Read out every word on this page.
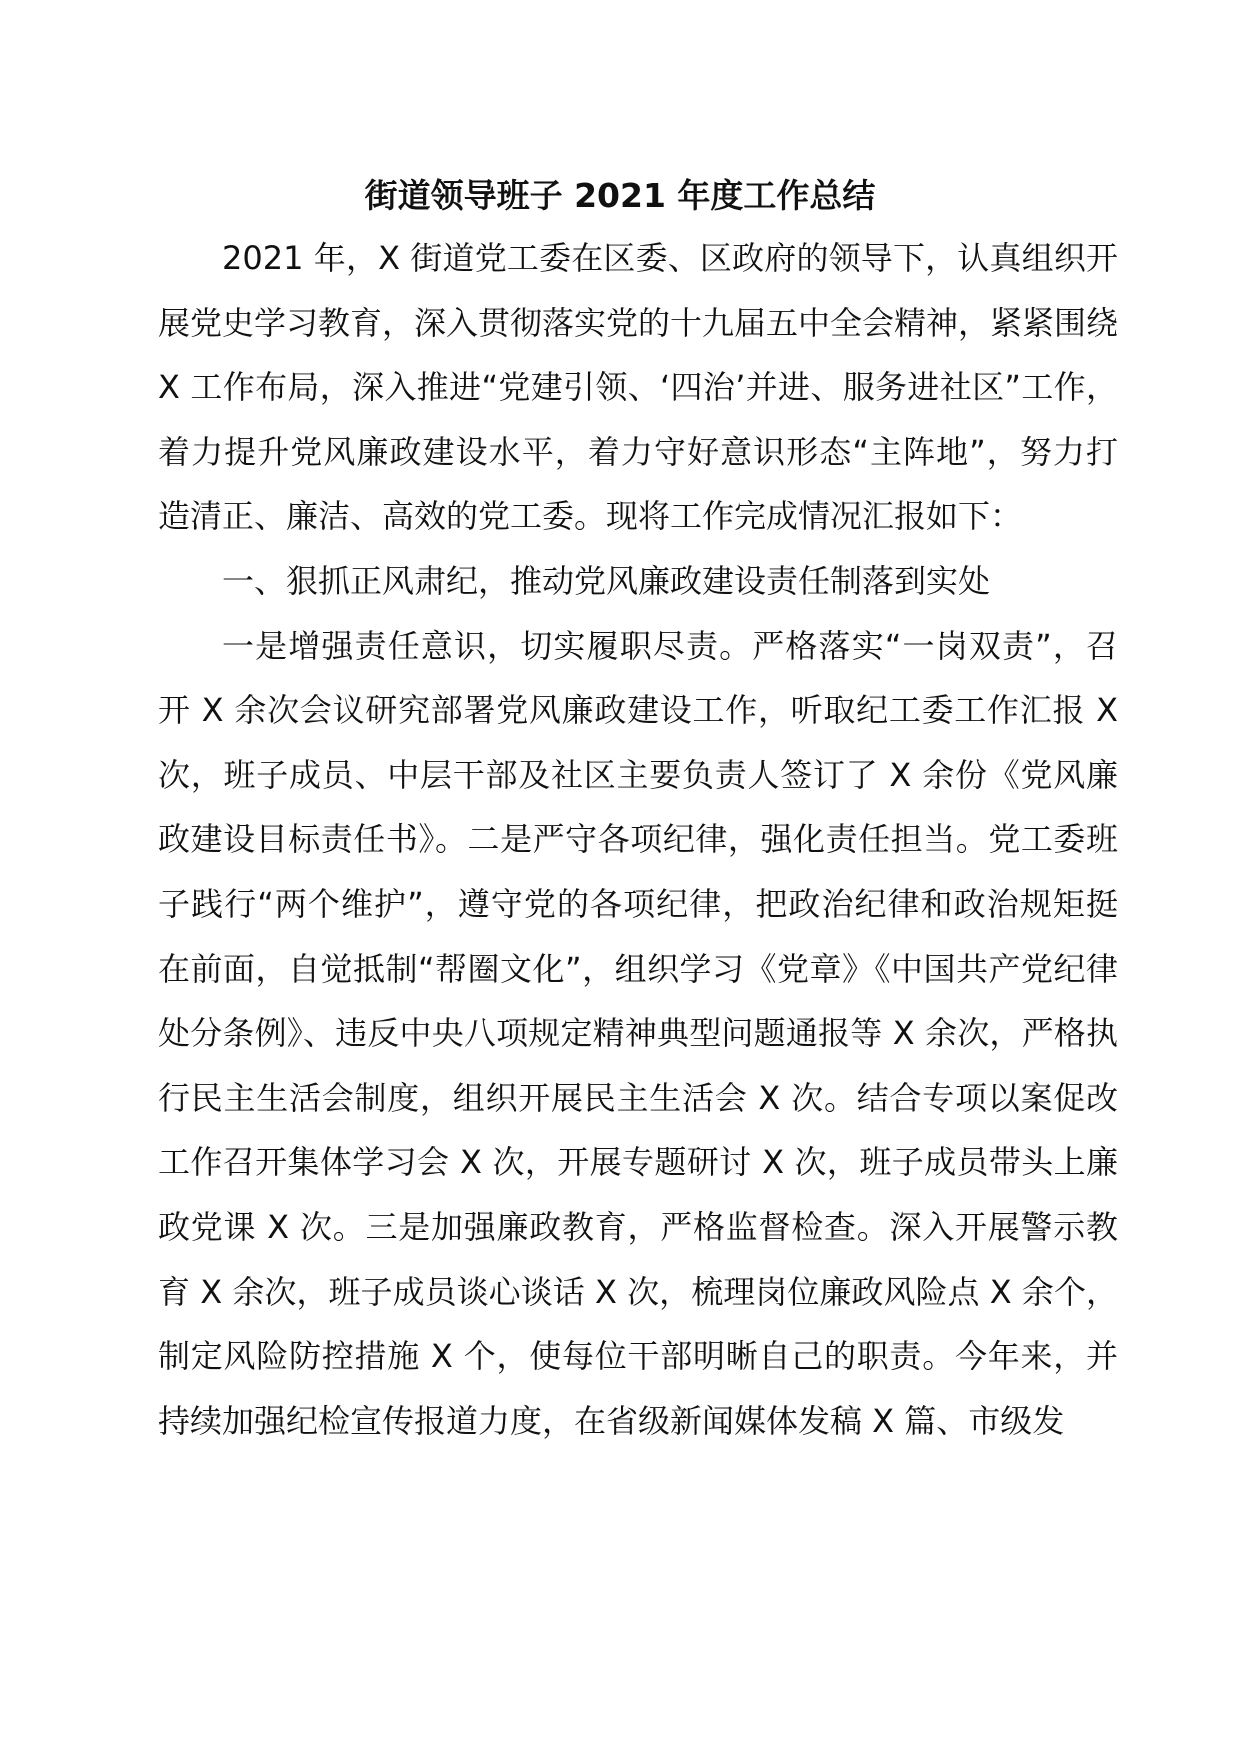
街道领导班子 2021 年度工作总结

2021 年，X 街道党工委在区委、区政府的领导下，认真组织开展党史学习教育，深入贯彻落实党的十九届五中全会精神，紧紧围绕 X 工作布局，深入推进“党建引领、‘四治’并进、服务进社区”工作，着力提升党风廉政建设水平，着力守好意识形态“主阵地”，努力打造清正、廉洁、高效的党工委。现将工作完成情况汇报如下：

一、狠抓正风肃纪，推动党风廉政建设责任制落到实处

一是增强责任意识，切实履职尽责。严格落实“一岗双责”，召开 X 余次会议研究部署党风廉政建设工作，听取纪工委工作汇报 X 次，班子成员、中层干部及社区主要负责人签订了 X 余份《党风廉政建设目标责任书》。二是严守各项纪律，强化责任担当。党工委班子践行“两个维护”，遵守党的各项纪律，把政治纪律和政治规矩挺在前面，自觉抵制“帮圈文化”，组织学习《党章》《中国共产党纪律处分条例》、违反中央八项规定精神典型问题通报等 X 余次，严格执行民主生活会制度，组织开展民主生活会 X 次。结合专项以案促改工作召开集体学习会 X 次，开展专题研讨 X 次，班子成员带头上廉政党课 X 次。三是加强廉政教育，严格监督检查。深入开展警示教育 X 余次，班子成员谈心谈话 X 次，梳理岗位廉政风险点 X 余个，制定风险防控措施 X 个，使每位干部明晰自己的职责。今年来，并持续加强纪检宣传报道力度，在省级新闻媒体发稿 X 篇、市级发
